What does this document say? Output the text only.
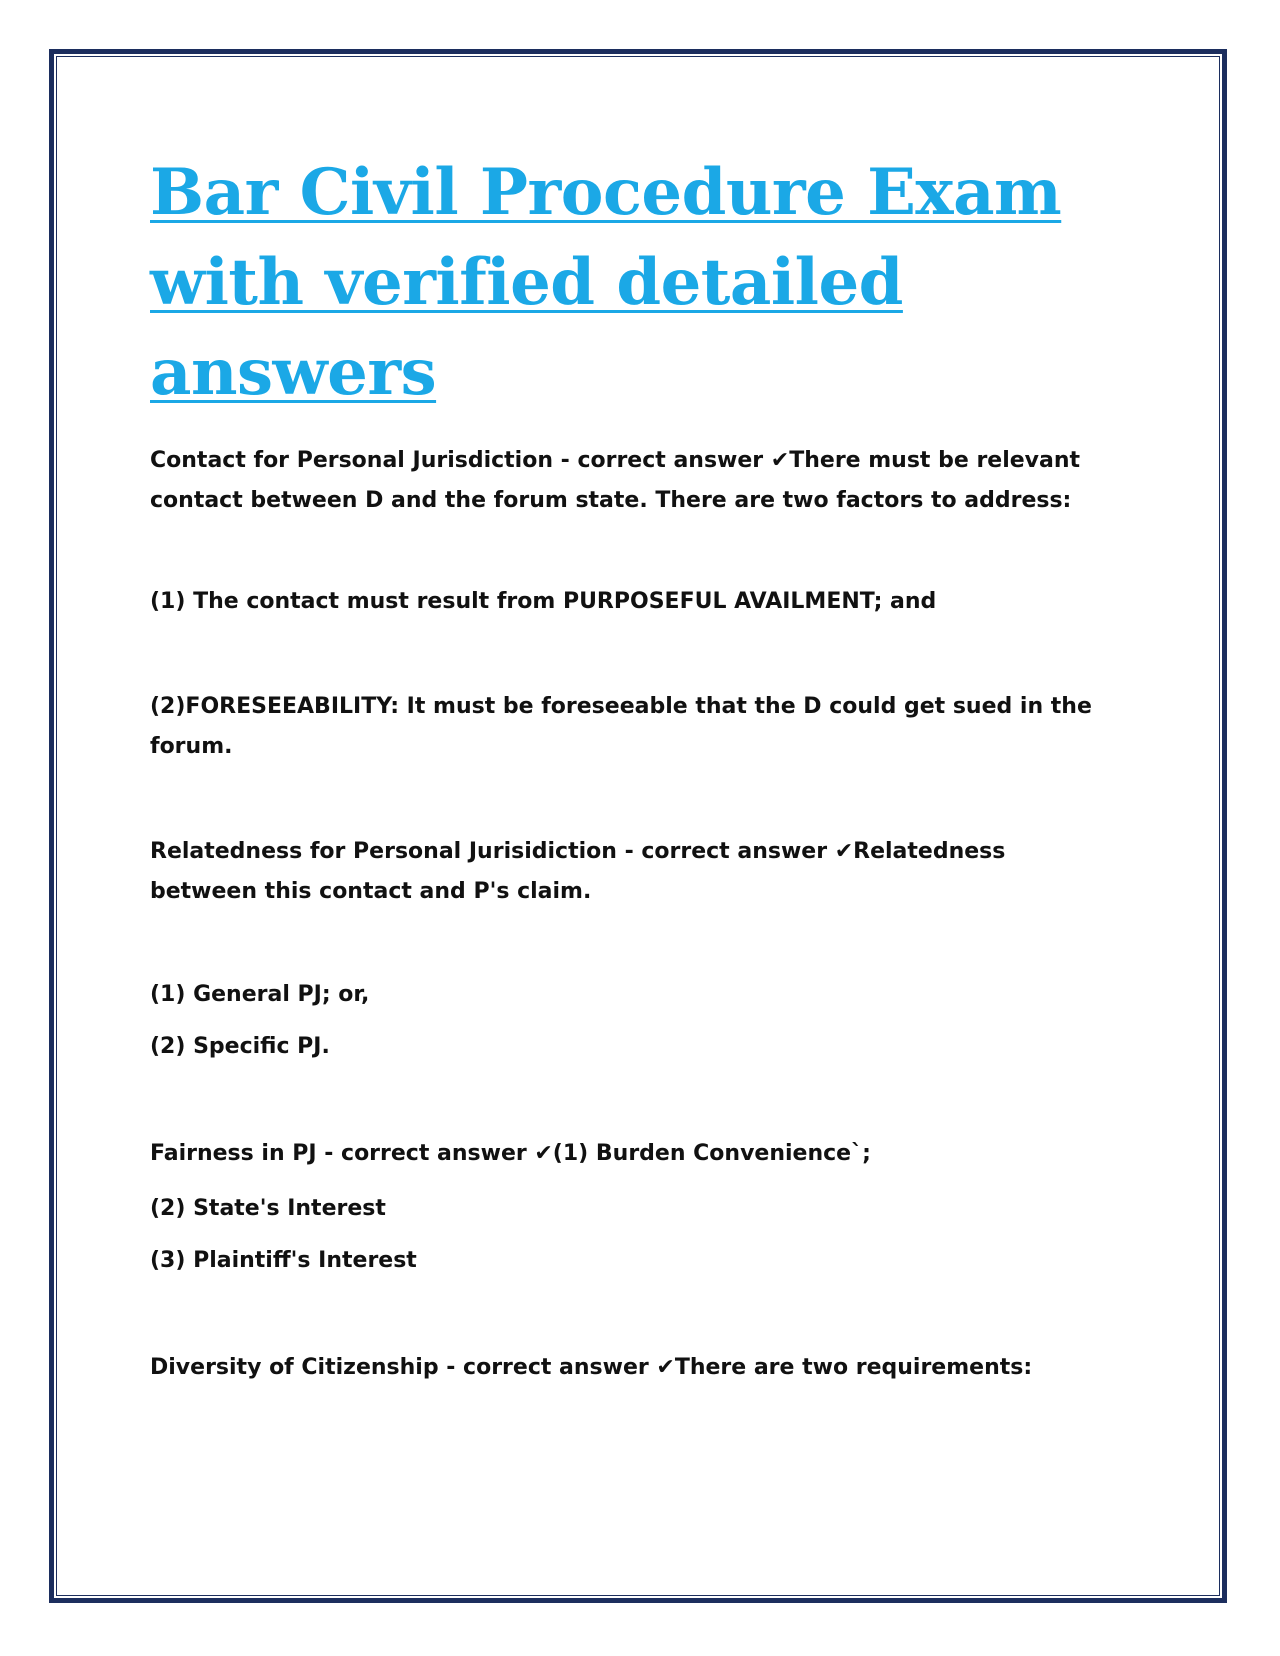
Bar Civil Procedure Exam
with verified detailed answers

Contact for Personal Jurisdiction - correct answer ✔There must be relevant contact between D and the forum state. There are two factors to address:

(1) The contact must result from PURPOSEFUL AVAILMENT; and

(2)FORESEEABILITY: It must be foreseeable that the D could get sued in the forum.

Relatedness for Personal Jurisidiction - correct answer ✔Relatedness between this contact and P's claim.

(1) General PJ; or,

(2) Specific PJ.

Fairness in PJ - correct answer ✔(1) Burden Convenience`;

(2) State's Interest

(3) Plaintiff's Interest

Diversity of Citizenship - correct answer ✔There are two requirements:
